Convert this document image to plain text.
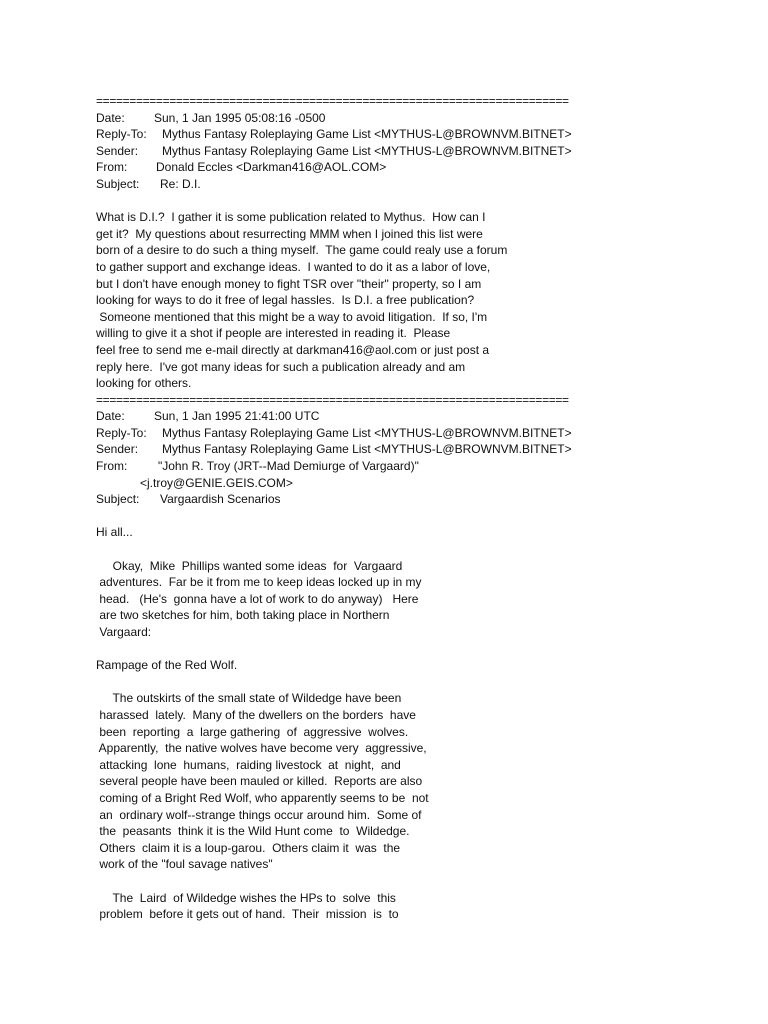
=======================================================================
Date:	Sun, 1 Jan 1995 05:08:16 -0500
Reply-To:	Mythus Fantasy Roleplaying Game List <MYTHUS-L@BROWNVM.BITNET>
Sender:	Mythus Fantasy Roleplaying Game List <MYTHUS-L@BROWNVM.BITNET>
From:	Donald Eccles <Darkman416@AOL.COM>
Subject:	Re: D.I.
What is D.I.?  I gather it is some publication related to Mythus.  How can I
get it?  My questions about resurrecting MMM when I joined this list were
born of a desire to do such a thing myself.  The game could realy use a forum
to gather support and exchange ideas.  I wanted to do it as a labor of love,
but I don't have enough money to fight TSR over "their" property, so I am
looking for ways to do it free of legal hassles.  Is D.I. a free publication?
Someone mentioned that this might be a way to avoid litigation.  If so, I'm
willing to give it a shot if people are interested in reading it.  Please
feel free to send me e-mail directly at darkman416@aol.com or just post a
reply here.  I've got many ideas for such a publication already and am
looking for others.
=======================================================================
Date:	Sun, 1 Jan 1995 21:41:00 UTC
Reply-To:	Mythus Fantasy Roleplaying Game List <MYTHUS-L@BROWNVM.BITNET>
Sender:	Mythus Fantasy Roleplaying Game List <MYTHUS-L@BROWNVM.BITNET>
From:	"John R. Troy (JRT--Mad Demiurge of Vargaard)"
<j.troy@GENIE.GEIS.COM>
Subject:	Vargaardish Scenarios
Hi all...
Okay,  Mike  Phillips wanted some ideas  for  Vargaard
adventures.  Far be it from me to keep ideas locked up in my
head.   (He's  gonna have a lot of work to do anyway)   Here
are two sketches for him, both taking place in Northern
Vargaard:
Rampage of the Red Wolf.
The outskirts of the small state of Wildedge have been
harassed  lately.  Many of the dwellers on the borders  have
been  reporting  a  large gathering  of  aggressive  wolves.
Apparently,  the native wolves have become very  aggressive,
attacking  lone  humans,  raiding livestock  at  night,  and
several people have been mauled or killed.  Reports are also
coming of a Bright Red Wolf, who apparently seems to be  not
an  ordinary wolf--strange things occur around him.  Some of
the  peasants  think it is the Wild Hunt come  to  Wildedge.
Others  claim it is a loup-garou.  Others claim it  was  the
work of the "foul savage natives"
The  Laird  of Wildedge wishes the HPs to  solve  this
problem  before it gets out of hand.  Their  mission  is  to
